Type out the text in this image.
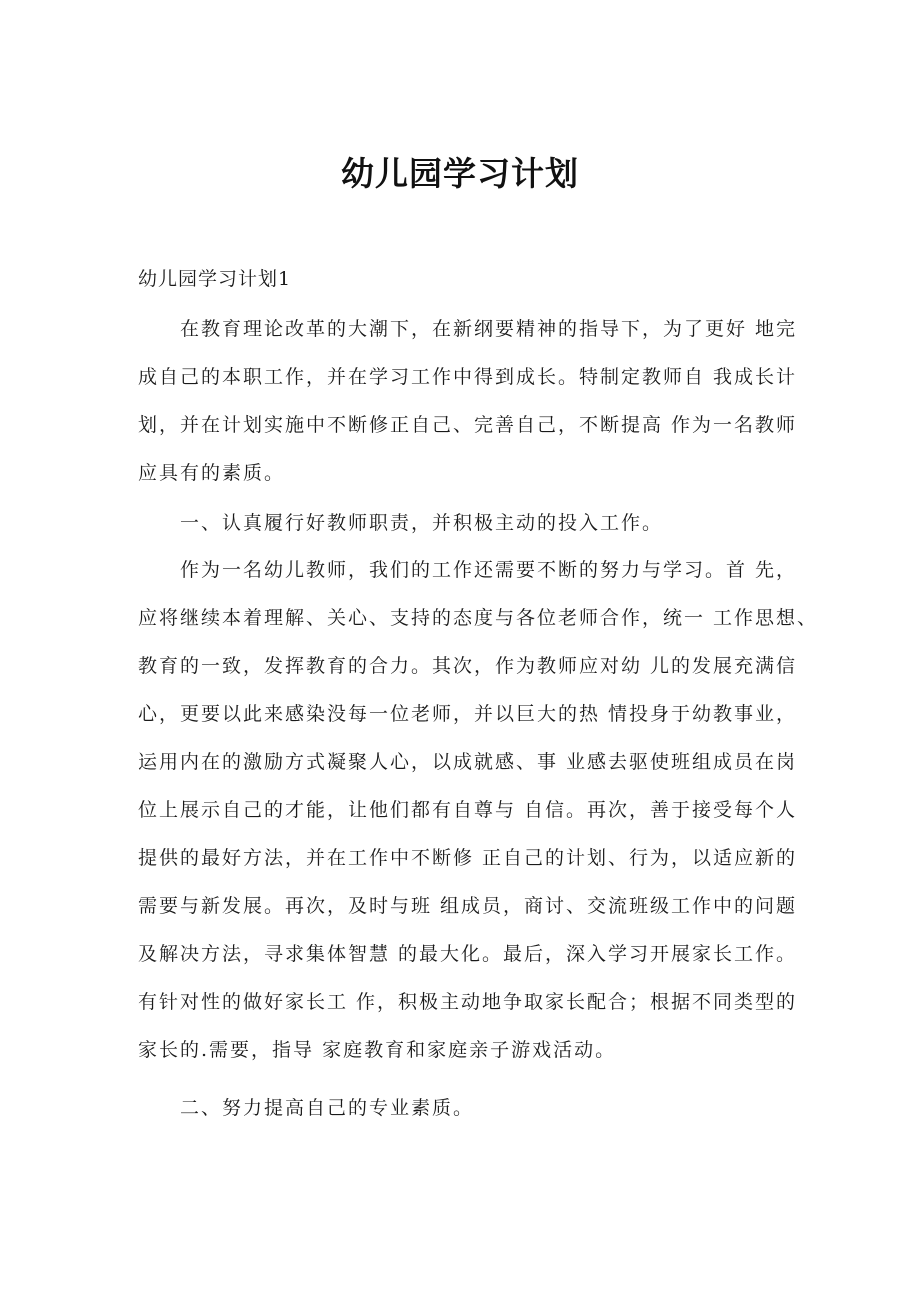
幼儿园学习计划
幼儿园学习计划1
在教育理论改革的大潮下，在新纲要精神的指导下，为了更好 地完
成自己的本职工作，并在学习工作中得到成长。特制定教师自 我成长计
划，并在计划实施中不断修正自己、完善自己，不断提高 作为一名教师
应具有的素质。
一、认真履行好教师职责，并积极主动的投入工作。
作为一名幼儿教师，我们的工作还需要不断的努力与学习。首 先，
应将继续本着理解、关心、支持的态度与各位老师合作，统一 工作思想、
教育的一致，发挥教育的合力。其次，作为教师应对幼 儿的发展充满信
心，更要以此来感染没每一位老师，并以巨大的热 情投身于幼教事业，
运用内在的激励方式凝聚人心，以成就感、事 业感去驱使班组成员在岗
位上展示自己的才能，让他们都有自尊与 自信。再次，善于接受每个人
提供的最好方法，并在工作中不断修 正自己的计划、行为，以适应新的
需要与新发展。再次，及时与班 组成员，商讨、交流班级工作中的问题
及解决方法，寻求集体智慧 的最大化。最后，深入学习开展家长工作。
有针对性的做好家长工 作，积极主动地争取家长配合；根据不同类型的
家长的.需要，指导 家庭教育和家庭亲子游戏活动。
二、努力提高自己的专业素质。
